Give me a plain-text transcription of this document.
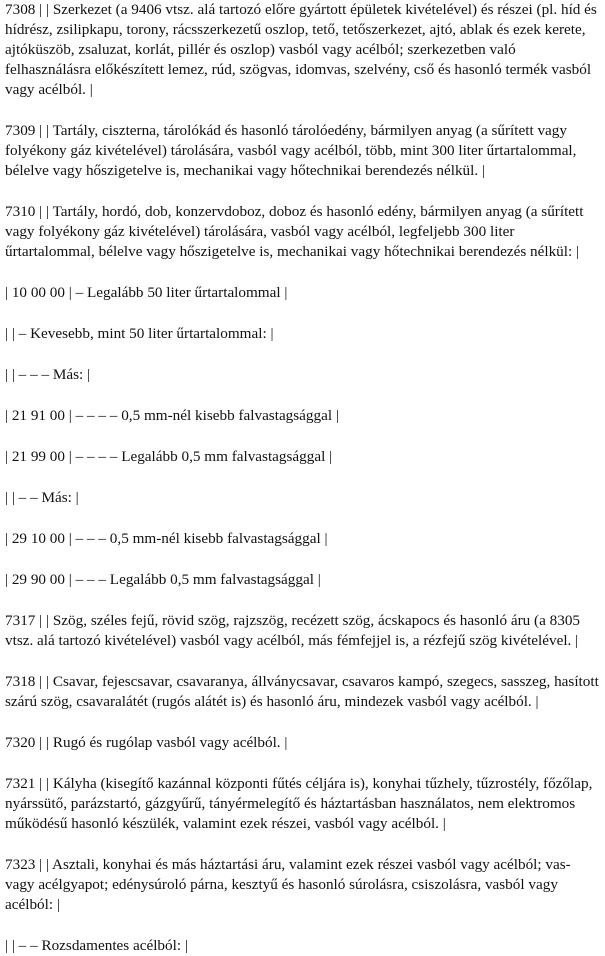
7308 | | Szerkezet (a 9406 vtsz. alá tartozó előre gyártott épületek kivételével) és részei (pl. híd és hídrész, zsilipkapu, torony, rácsszerkezetű oszlop, tető, tetőszerkezet, ajtó, ablak és ezek kerete, ajtóküszöb, zsaluzat, korlát, pillér és oszlop) vasból vagy acélból; szerkezetben való felhasználásra előkészített lemez, rúd, szögvas, idomvas, szelvény, cső és hasonló termék vasból vagy acélból. |

7309 | | Tartály, ciszterna, tárolókád és hasonló tárolóedény, bármilyen anyag (a sűrített vagy folyékony gáz kivételével) tárolására, vasból vagy acélból, több, mint 300 liter űrtartalommal, bélelve vagy hőszigetelve is, mechanikai vagy hőtechnikai berendezés nélkül. |

7310 | | Tartály, hordó, dob, konzervdoboz, doboz és hasonló edény, bármilyen anyag (a sűrített vagy folyékony gáz kivételével) tárolására, vasból vagy acélból, legfeljebb 300 liter űrtartalommal, bélelve vagy hőszigetelve is, mechanikai vagy hőtechnikai berendezés nélkül: |

| 10 00 00 | – Legalább 50 liter űrtartalommal |

| | – Kevesebb, mint 50 liter űrtartalommal: |

| | – – – Más: |

| 21 91 00 | – – – – 0,5 mm-nél kisebb falvastagsággal |

| 21 99 00 | – – – – Legalább 0,5 mm falvastagsággal |

| | – – Más: |

| 29 10 00 | – – – 0,5 mm-nél kisebb falvastagsággal |

| 29 90 00 | – – – Legalább 0,5 mm falvastagsággal |

7317 | | Szög, széles fejű, rövid szög, rajzszög, recézett szög, ácskapocs és hasonló áru (a 8305 vtsz. alá tartozó kivételével) vasból vagy acélból, más fémfejjel is, a rézfejű szög kivételével. |

7318 | | Csavar, fejescsavar, csavaranya, állványcsavar, csavaros kampó, szegecs, sasszeg, hasított szárú szög, csavaralátét (rugós alátét is) és hasonló áru, mindezek vasból vagy acélból. |

7320 | | Rugó és rugólap vasból vagy acélból. |

7321 | | Kályha (kisegítő kazánnal központi fűtés céljára is), konyhai tűzhely, tűzrostély, főzőlap, nyárssütő, parázstartó, gázgyűrű, tányérmelegítő és háztartásban használatos, nem elektromos működésű hasonló készülék, valamint ezek részei, vasból vagy acélból. |

7323 | | Asztali, konyhai és más háztartási áru, valamint ezek részei vasból vagy acélból; vas- vagy acélgyapot; edénysúroló párna, kesztyű és hasonló súrolásra, csiszolásra, vasból vagy acélból: |

| | – – Rozsdamentes acélból: |
